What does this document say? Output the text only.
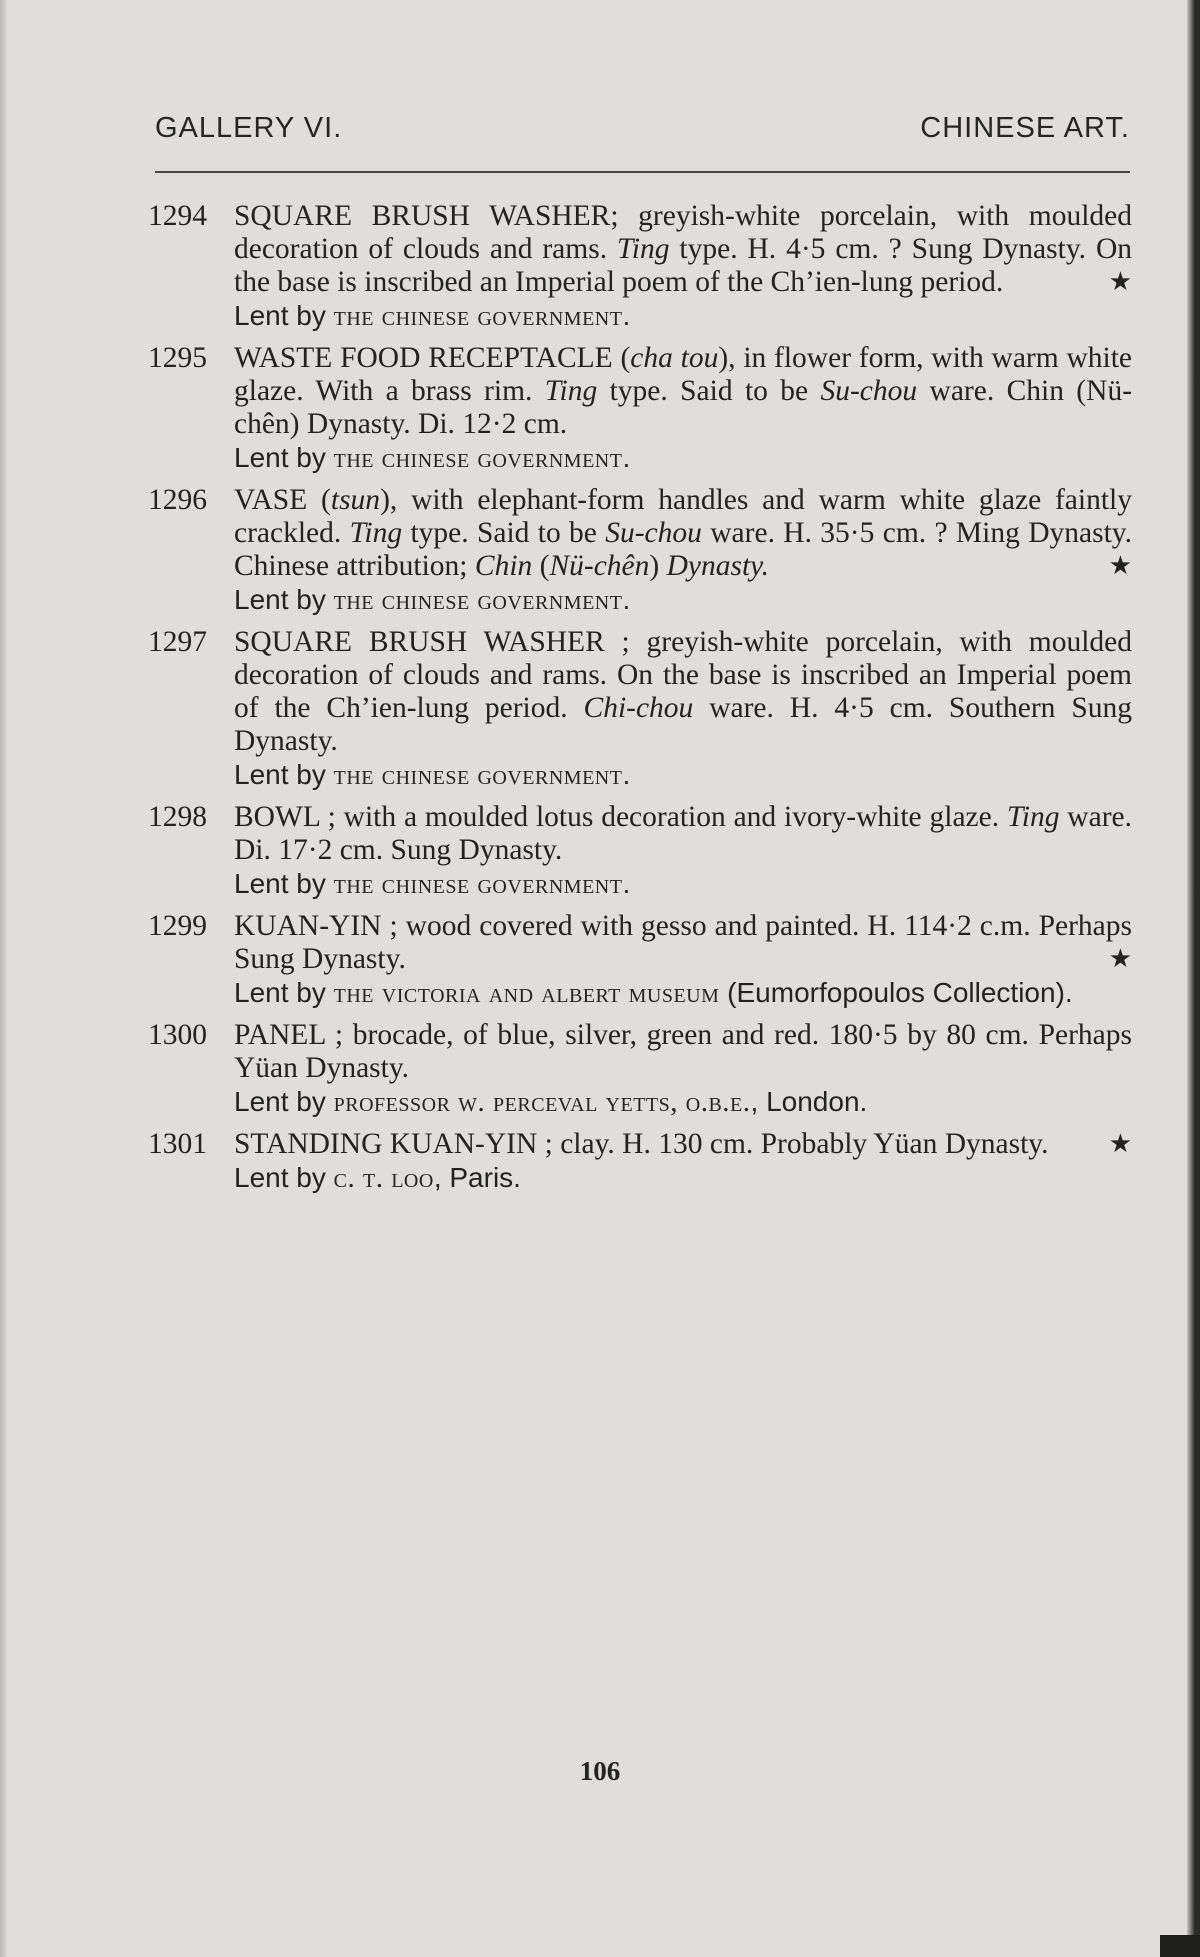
GALLERY VI.	CHINESE ART.
1294 SQUARE BRUSH WASHER; greyish-white porcelain, with moulded decoration of clouds and rams. Ting type. H. 4·5 cm. ? Sung Dynasty. On the base is inscribed an Imperial poem of the Ch’ien-lung period.	★
Lent by the chinese government.
1295 WASTE FOOD RECEPTACLE (cha tou), in flower form, with warm white glaze. With a brass rim. Ting type. Said to be Su-chou ware. Chin (Nü-chên) Dynasty. Di. 12·2 cm.
Lent by the chinese government.
1296 VASE (tsun), with elephant-form handles and warm white glaze faintly crackled. Ting type. Said to be Su-chou ware. H. 35·5 cm. ? Ming Dynasty. Chinese attribution; Chin (Nü-chên) Dynasty.	★
Lent by the chinese government.
1297 SQUARE BRUSH WASHER ; greyish-white porcelain, with moulded decoration of clouds and rams. On the base is inscribed an Imperial poem of the Ch’ien-lung period. Chi-chou ware. H. 4·5 cm. Southern Sung Dynasty.
Lent by the chinese government.
1298 BOWL ; with a moulded lotus decoration and ivory-white glaze. Ting ware. Di. 17·2 cm. Sung Dynasty.
Lent by the chinese government.
1299 KUAN-YIN ; wood covered with gesso and painted. H. 114·2 c.m. Perhaps Sung Dynasty.	★
Lent by the victoria and albert museum (Eumorfopoulos Collection).
1300 PANEL ; brocade, of blue, silver, green and red. 180·5 by 80 cm. Perhaps Yüan Dynasty.
Lent by professor w. perceval yetts, o.b.e., London.
1301 STANDING KUAN-YIN ; clay. H. 130 cm. Probably Yüan Dynasty. ★
Lent by c. t. loo, Paris.
106
